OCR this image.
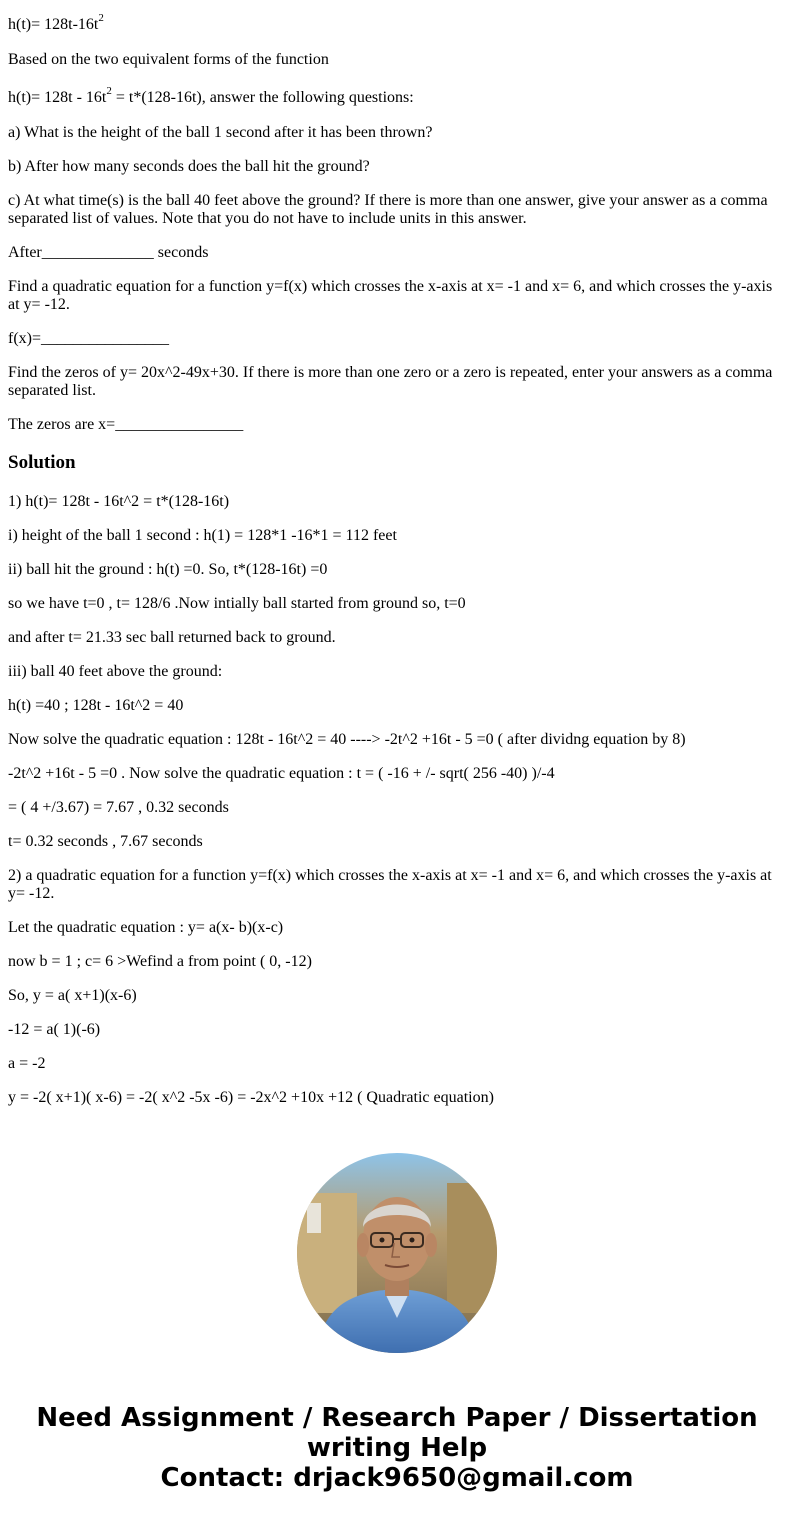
$h(t)= 128t-16t^2$

Based on the two equivalent forms of the function

$h(t)= 128t - 16t^2 = t*(128-16t)$, answer the following questions:

a) What is the height of the ball 1 second after it has been thrown?

b) After how many seconds does the ball hit the ground?

c) At what time(s) is the ball 40 feet above the ground? If there is more than one answer, give your answer as a comma separated list of values. Note that you do not have to include units in this answer.

After______________ seconds

Find a quadratic equation for a function y=f(x) which crosses the x-axis at x= -1 and x= 6, and which crosses the y-axis at y= -12.

f(x)=________________

Find the zeros of y= 20x^2-49x+30. If there is more than one zero or a zero is repeated, enter your answers as a comma separated list.

The zeros are x=________________

Solution

1) h(t)= 128t - 16t^2 = t*(128-16t)

i) height of the ball 1 second : h(1) = 128*1 -16*1 = 112 feet

ii) ball hit the ground : h(t) =0. So, t*(128-16t) =0

so we have t=0 , t= 128/6 .Now intially ball started from ground so, t=0

and after t= 21.33 sec ball returned back to ground.

iii) ball 40 feet above the ground:

h(t) =40 ; 128t - 16t^2 = 40

Now solve the quadratic equation : 128t - 16t^2 = 40 ----> -2t^2 +16t - 5 =0 ( after dividng equation by 8)

-2t^2 +16t - 5 =0 . Now solve the quadratic equation : t = ( -16 + /- sqrt( 256 -40) )/-4

= ( 4 +/3.67) = 7.67 , 0.32 seconds

t= 0.32 seconds , 7.67 seconds

2) a quadratic equation for a function y=f(x) which crosses the x-axis at x= -1 and x= 6, and which crosses the y-axis at y= -12.

Let the quadratic equation : y= a(x- b)(x-c)

now b = 1 ; c= 6 >Wefind a from point ( 0, -12)

So, y = a( x+1)(x-6)

-12 = a( 1)(-6)

a = -2

y = -2( x+1)( x-6) = -2( x^2 -5x -6) = -2x^2 +10x +12 ( Quadratic equation)

Need Assignment / Research Paper / Dissertation
writing Help
Contact: drjack9650@gmail.com
